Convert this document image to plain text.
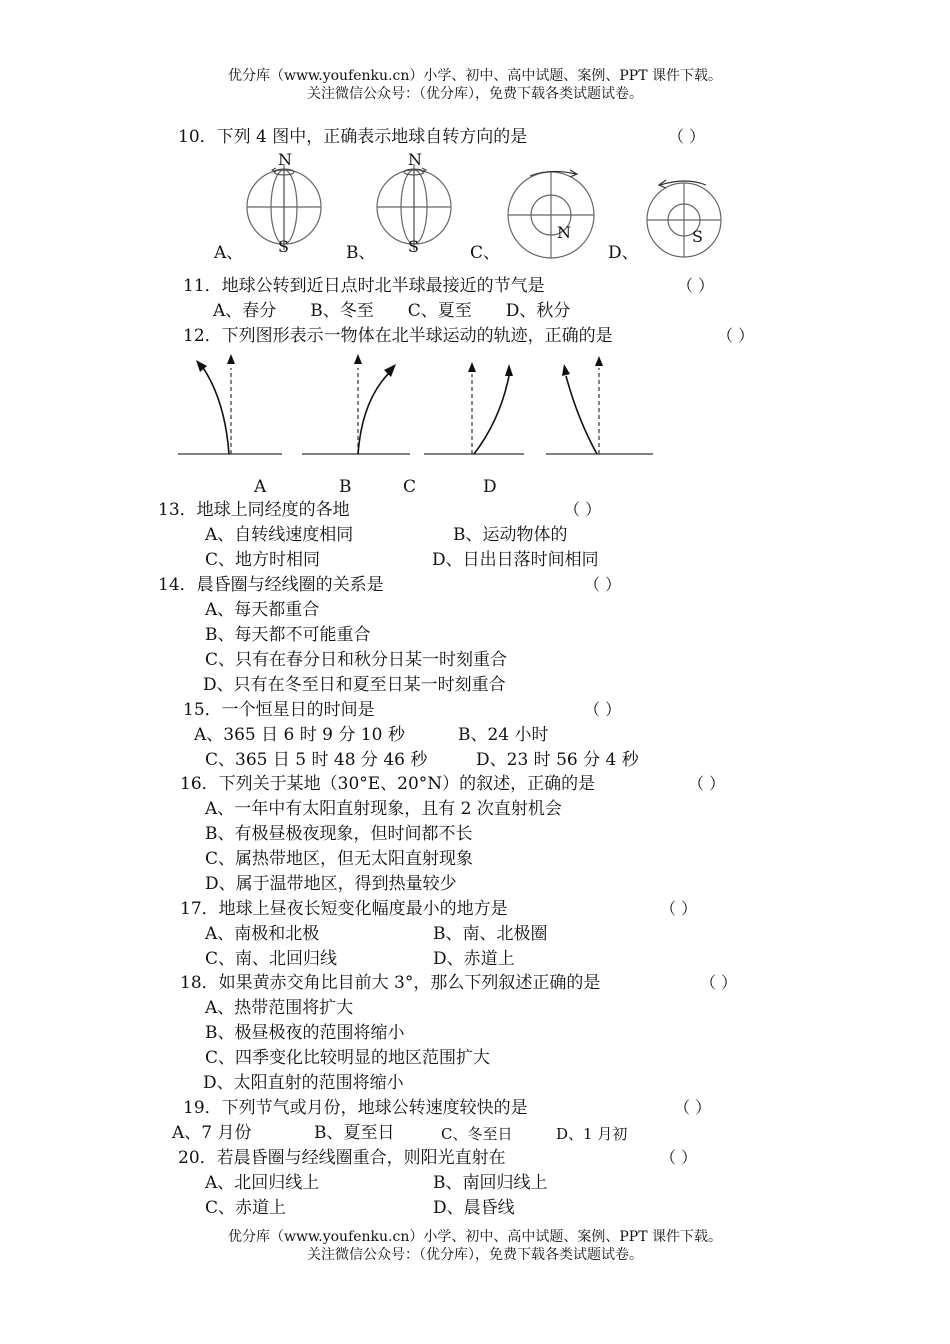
优分库（www.youfenku.cn）小学、初中、高中试题、案例、PPT 课件下载。
关注微信公众号：（优分库），免费下载各类试题试卷。
10．下列 4 图中，正确表示地球自转方向的是	（ ）
N
S
A、
N
S
B、
N
C、
S
D、
11．地球公转到近日点时北半球最接近的节气是	（ ）
A、春分　　B、冬至　　C、夏至　　D、秋分
12．下列图形表示一物体在北半球运动的轨迹，正确的是	（ ）
A	B	C	D
13．地球上同经度的各地	（ ）
A、自转线速度相同	B、运动物体的
C、地方时相同	D、日出日落时间相同
14．晨昏圈与经线圈的关系是	（ ）
A、每天都重合
B、每天都不可能重合
C、只有在春分日和秋分日某一时刻重合
D、只有在冬至日和夏至日某一时刻重合
15．一个恒星日的时间是	（ ）
A、365 日 6 时 9 分 10 秒	B、24 小时
C、365 日 5 时 48 分 46 秒	D、23 时 56 分 4 秒
16．下列关于某地（30°E、20°N）的叙述，正确的是	（ ）
A、一年中有太阳直射现象，且有 2 次直射机会
B、有极昼极夜现象，但时间都不长
C、属热带地区，但无太阳直射现象
D、属于温带地区，得到热量较少
17．地球上昼夜长短变化幅度最小的地方是	（ ）
A、南极和北极	B、南、北极圈
C、南、北回归线	D、赤道上
18．如果黄赤交角比目前大 3°，那么下列叙述正确的是	（ ）
A、热带范围将扩大
B、极昼极夜的范围将缩小
C、四季变化比较明显的地区范围扩大
D、太阳直射的范围将缩小
19．下列节气或月份，地球公转速度较快的是	（ ）
A、7 月份	B、夏至日	C、冬至日	D、1 月初
20．若晨昏圈与经线圈重合，则阳光直射在	（ ）
A、北回归线上	B、南回归线上
C、赤道上	D、晨昏线
优分库（www.youfenku.cn）小学、初中、高中试题、案例、PPT 课件下载。
关注微信公众号：（优分库），免费下载各类试题试卷。
